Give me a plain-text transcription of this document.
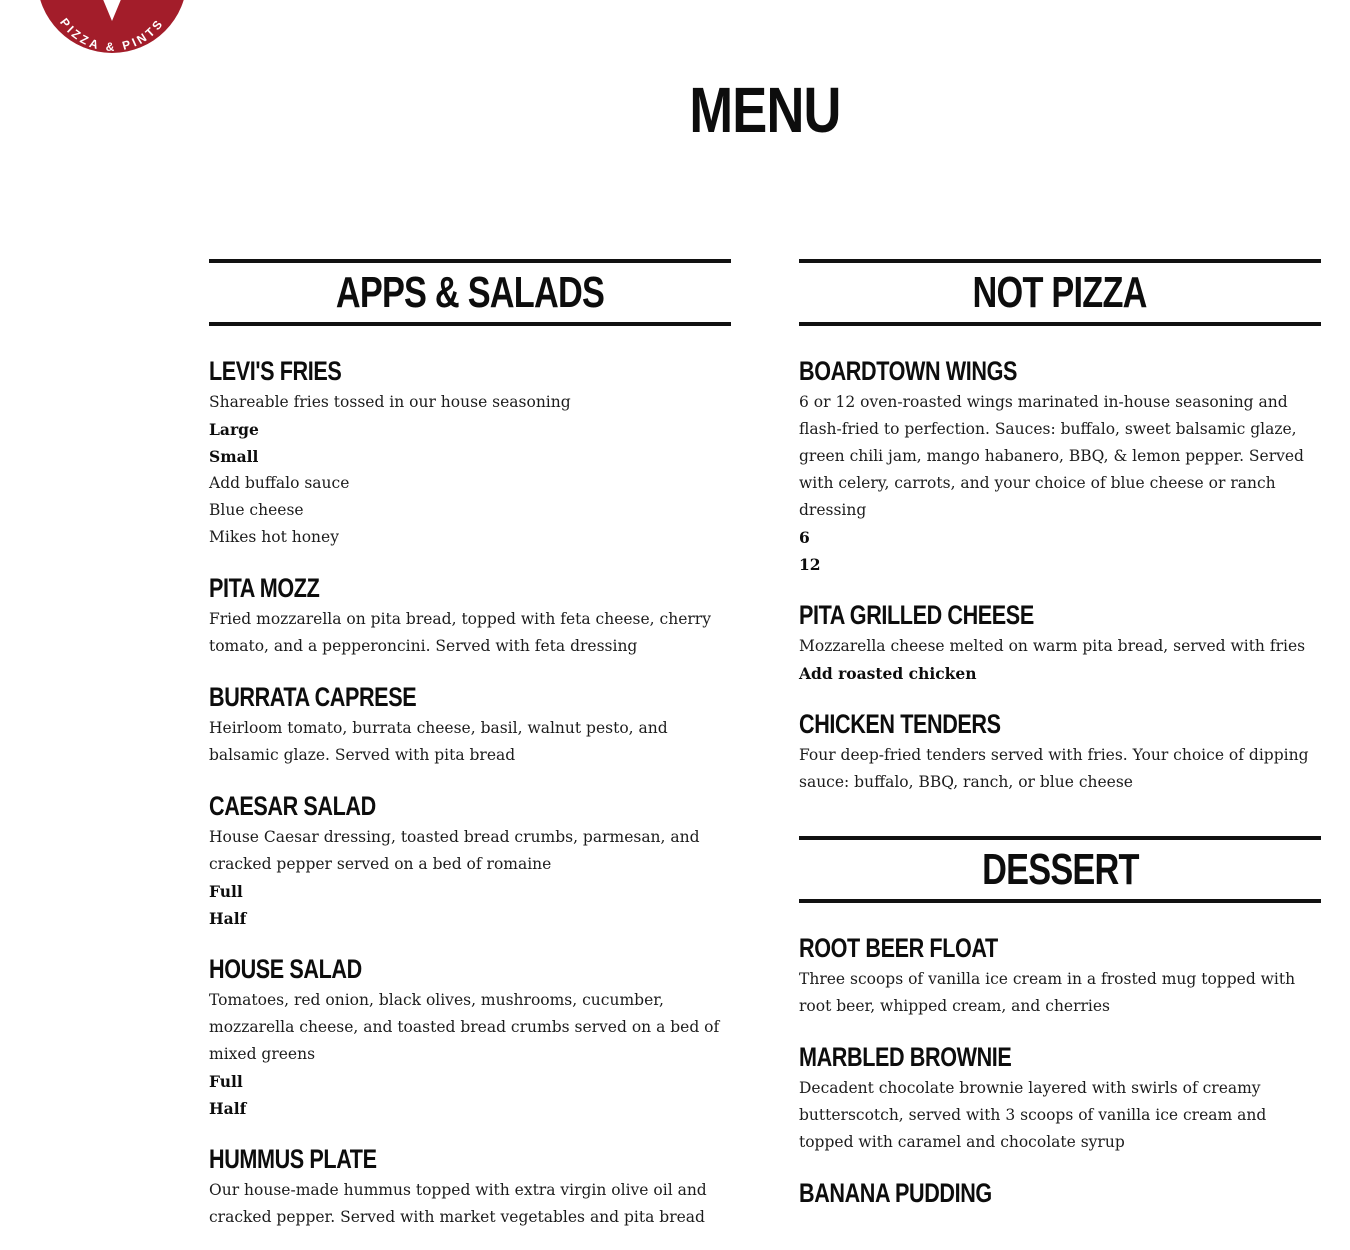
PIZZA & PINTS
MENU
APPS & SALADS
LEVI'S FRIES

Shareable fries tossed in our house seasoning

Large

Small

Add buffalo sauce

Blue cheese

Mikes hot honey

PITA MOZZ

Fried mozzarella on pita bread, topped with feta cheese, cherry tomato, and a pepperoncini. Served with feta dressing

BURRATA CAPRESE

Heirloom tomato, burrata cheese, basil, walnut pesto, and balsamic glaze. Served with pita bread

CAESAR SALAD

House Caesar dressing, toasted bread crumbs, parmesan, and cracked pepper served on a bed of romaine

Full

Half

HOUSE SALAD

Tomatoes, red onion, black olives, mushrooms, cucumber, mozzarella cheese, and toasted bread crumbs served on a bed of mixed greens

Full

Half

HUMMUS PLATE

Our house-made hummus topped with extra virgin olive oil and cracked pepper. Served with market vegetables and pita bread

NOT PIZZA
BOARDTOWN WINGS

6 or 12 oven-roasted wings marinated in-house seasoning and flash-fried to perfection. Sauces: buffalo, sweet balsamic glaze, green chili jam, mango habanero, BBQ, & lemon pepper. Served with celery, carrots, and your choice of blue cheese or ranch dressing

6

12

PITA GRILLED CHEESE

Mozzarella cheese melted on warm pita bread, served with fries

Add roasted chicken

CHICKEN TENDERS

Four deep-fried tenders served with fries. Your choice of dipping sauce: buffalo, BBQ, ranch, or blue cheese

DESSERT
ROOT BEER FLOAT

Three scoops of vanilla ice cream in a frosted mug topped with root beer, whipped cream, and cherries

MARBLED BROWNIE

Decadent chocolate brownie layered with swirls of creamy butterscotch, served with 3 scoops of vanilla ice cream and topped with caramel and chocolate syrup

BANANA PUDDING
